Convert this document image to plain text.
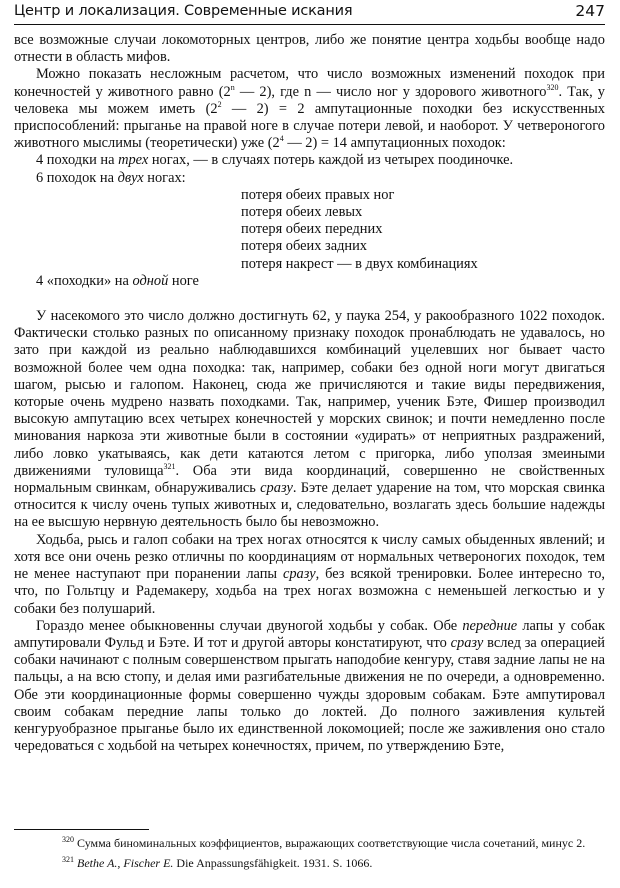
Центр и локализация. Современные искания	247

все возможные случаи локомоторных центров, либо же понятие центра ходьбы вообще надо отнести в область мифов.

Можно показать несложным расчетом, что число возможных изменений походок при конечностей у животного равно (2$^n$ — 2), где n — число ног у здорового животного$^{320}$. Так, у человека мы можем иметь ($2^2$ — 2) = 2 ампутационные походки без искусственных приспособлений: прыганье на правой ноге в случае потери левой, и наоборот. У четвероногого животного мыслимы (теоретически) уже ($2^4$ — 2) = 14 ампутационных походок:

4 походки на трех ногах, — в случаях потерь каждой из четырех поодиночке.

6 походок на двух ногах:

потеря обеих правых ног
потеря обеих левых
потеря обеих передних
потеря обеих задних
потеря накрест — в двух комбинациях

4 «походки» на одной ноге

У насекомого это число должно достигнуть 62, у паука 254, у ракообразного 1022 походок. Фактически столько разных по описанному признаку походок пронаблюдать не удавалось, но зато при каждой из реально наблюдавшихся комбинаций уцелевших ног бывает часто возможной более чем одна походка: так, например, собаки без одной ноги могут двигаться шагом, рысью и галопом. Наконец, сюда же причисляются и такие виды передвижения, которые очень мудрено назвать походками. Так, например, ученик Бэте, Фишер производил высокую ампутацию всех четырех конечностей у морских свинок; и почти немедленно после минования наркоза эти животные были в состоянии «удирать» от неприятных раздражений, либо ловко укатываясь, как дети катаются летом с пригорка, либо уползая змеиными движениями туловища$^{321}$. Оба эти вида координаций, совершенно не свойственных нормальным свинкам, обнаруживались сразу. Бэте делает ударение на том, что морская свинка относится к числу очень тупых животных и, следовательно, возлагать здесь большие надежды на ее высшую нервную деятельность было бы невозможно.

Ходьба, рысь и галоп собаки на трех ногах относятся к числу самых обыденных явлений; и хотя все они очень резко отличны по координациям от нормальных четвероногих походок, тем не менее наступают при поранении лапы сразу, без всякой тренировки. Более интересно то, что, по Гольтцу и Радемакеру, ходьба на трех ногах возможна с неменьшей легкостью и у собаки без полушарий.

Гораздо менее обыкновенны случаи двуногой ходьбы у собак. Обе передние лапы у собак ампутировали Фульд и Бэте. И тот и другой авторы констатируют, что сразу вслед за операцией собаки начинают с полным совершенством прыгать наподобие кенгуру, ставя задние лапы не на пальцы, а на всю стопу, и делая ими разгибательные движения не по очереди, а одновременно. Обе эти координационные формы совершенно чужды здоровым собакам. Бэте ампутировал своим собакам передние лапы только до локтей. До полного заживления культей кенгуруобразное прыганье было их единственной локомоцией; после же заживления оно стало чередоваться с ходьбой на четырех конечностях, причем, по утверждению Бэте,

$^{320}$ Сумма биноминальных коэффициентов, выражающих соответствующие числа сочетаний, минус 2.

$^{321}$ Bethe A., Fischer E. Die Anpassungsfähigkeit. 1931. S. 1066.
